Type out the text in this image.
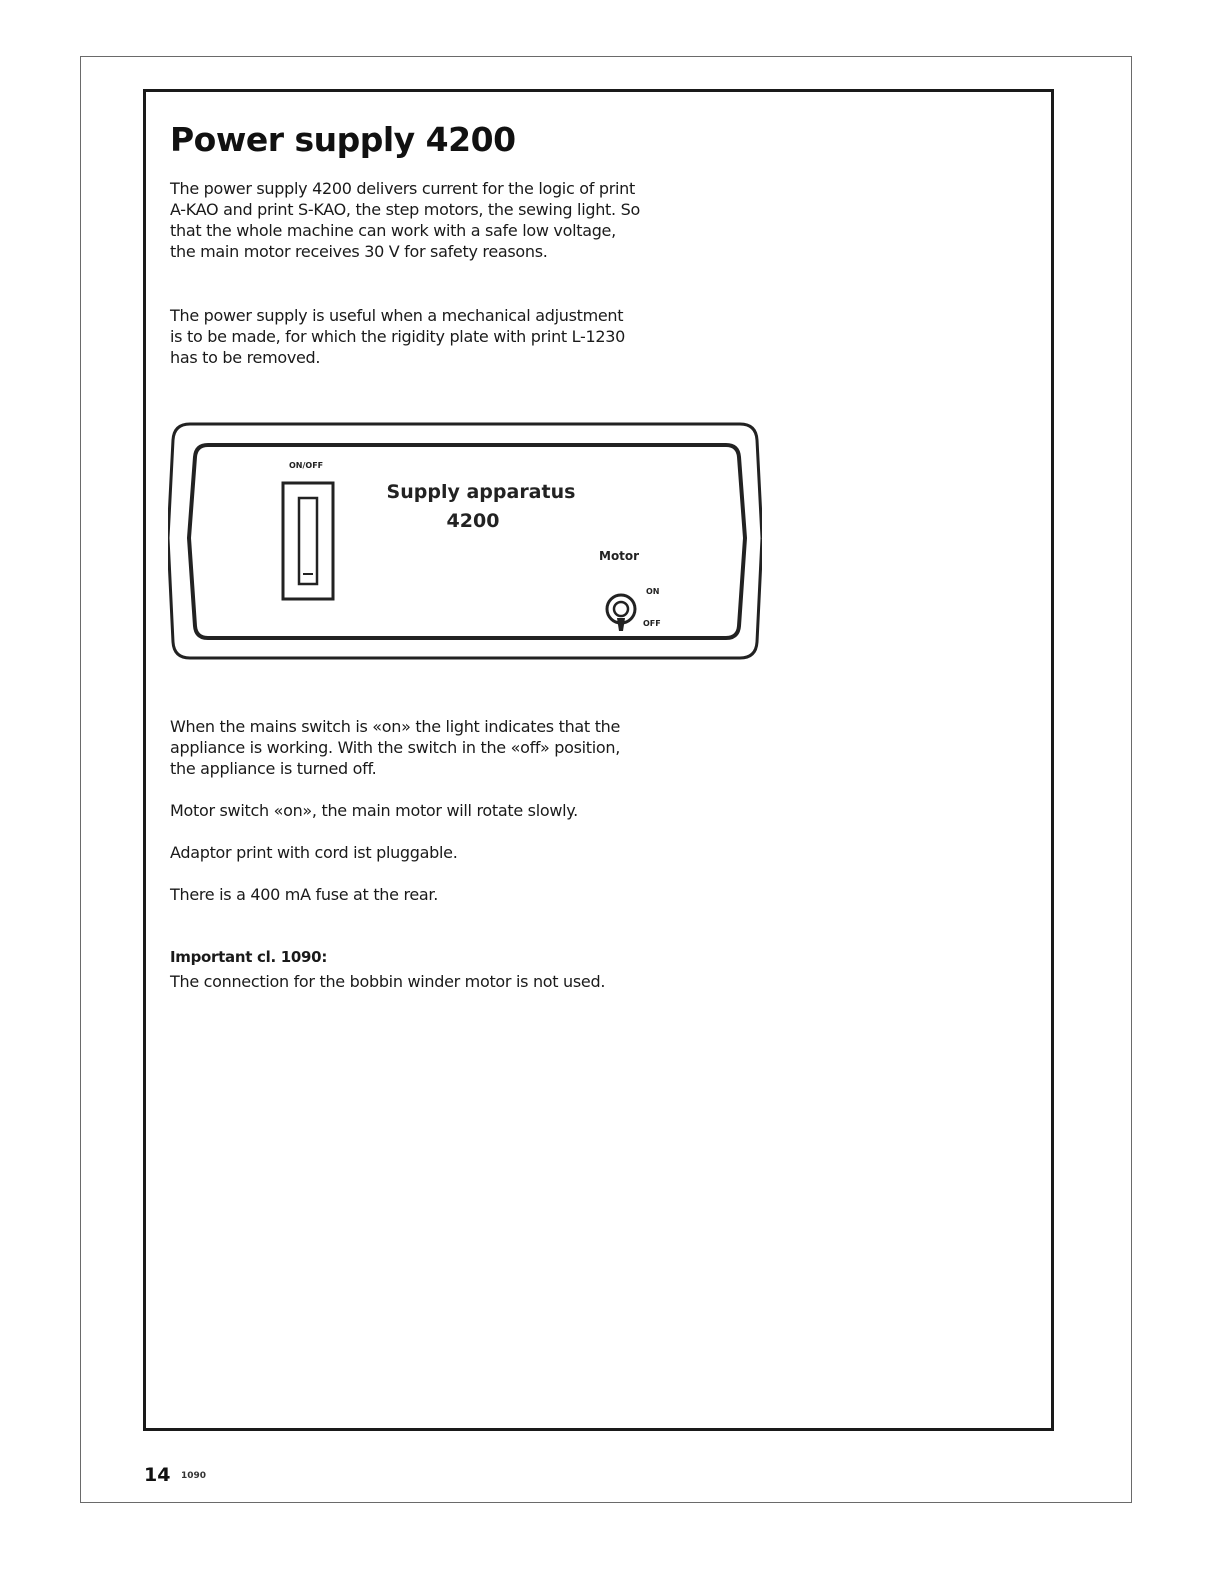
Power supply 4200

The power supply 4200 delivers current for the logic of print A-KAO and print S-KAO, the step motors, the sewing light. So that the whole machine can work with a safe low voltage, the main motor receives 30 V for safety reasons.

The power supply is useful when a mechanical adjustment is to be made, for which the rigidity plate with print L-1230 has to be removed.

ON/OFF
Supply apparatus
4200
Motor
ON
OFF

When the mains switch is «on» the light indicates that the appliance is working. With the switch in the «off» position, the appliance is turned off.

Motor switch «on», the main motor will rotate slowly.

Adaptor print with cord ist pluggable.

There is a 400 mA fuse at the rear.

Important cl. 1090:

The connection for the bobbin winder motor is not used.

14 1090
